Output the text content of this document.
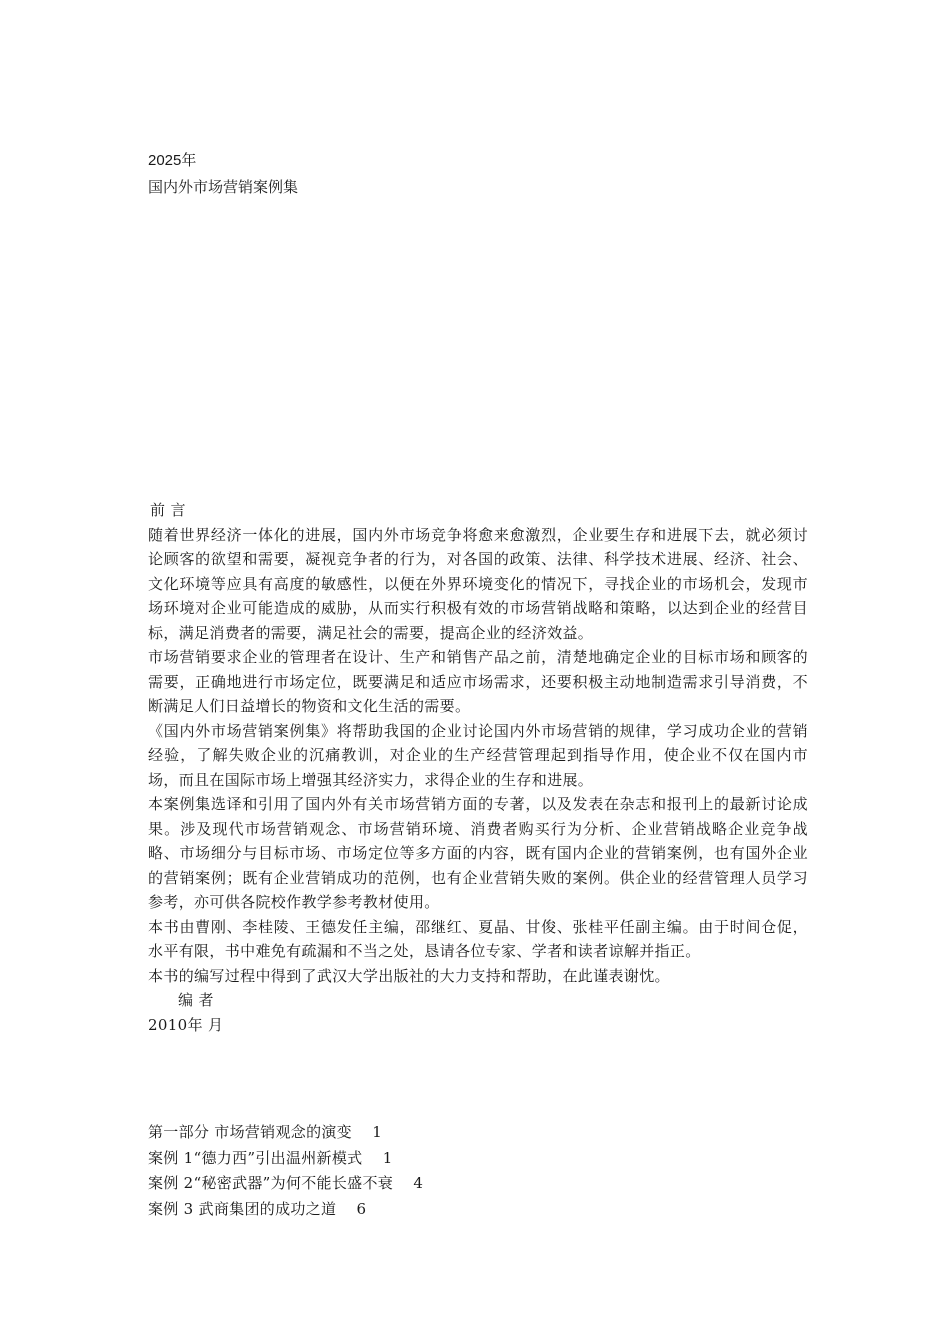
2025年
国内外市场营销案例集

前 言

随着世界经济一体化的进展，国内外市场竞争将愈来愈激烈，企业要生存和进展下去，就必须讨论顾客的欲望和需要，凝视竞争者的行为，对各国的政策、法律、科学技术进展、经济、社会、文化环境等应具有高度的敏感性，以便在外界环境变化的情况下，寻找企业的市场机会，发现市场环境对企业可能造成的威胁，从而实行积极有效的市场营销战略和策略，以达到企业的经营目标，满足消费者的需要，满足社会的需要，提高企业的经济效益。

市场营销要求企业的管理者在设计、生产和销售产品之前，清楚地确定企业的目标市场和顾客的需要，正确地进行市场定位，既要满足和适应市场需求，还要积极主动地制造需求引导消费，不断满足人们日益增长的物资和文化生活的需要。

《国内外市场营销案例集》将帮助我国的企业讨论国内外市场营销的规律，学习成功企业的营销经验，了解失败企业的沉痛教训，对企业的生产经营管理起到指导作用，使企业不仅在国内市场，而且在国际市场上增强其经济实力，求得企业的生存和进展。

本案例集选译和引用了国内外有关市场营销方面的专著，以及发表在杂志和报刊上的最新讨论成果。涉及现代市场营销观念、市场营销环境、消费者购买行为分析、企业营销战略企业竞争战略、市场细分与目标市场、市场定位等多方面的内容，既有国内企业的营销案例，也有国外企业的营销案例；既有企业营销成功的范例，也有企业营销失败的案例。供企业的经营管理人员学习参考，亦可供各院校作教学参考教材使用。

本书由曹刚、李桂陵、王德发任主编，邵继红、夏晶、甘俊、张桂平任副主编。由于时间仓促，水平有限，书中难免有疏漏和不当之处，恳请各位专家、学者和读者谅解并指正。

本书的编写过程中得到了武汉大学出版社的大力支持和帮助，在此谨表谢忱。

编 者

2010年 月

第一部分 市场营销观念的演变    1
案例 1“德力西”引出温州新模式    1
案例 2“秘密武器”为何不能长盛不衰    4
案例 3 武商集团的成功之道    6
